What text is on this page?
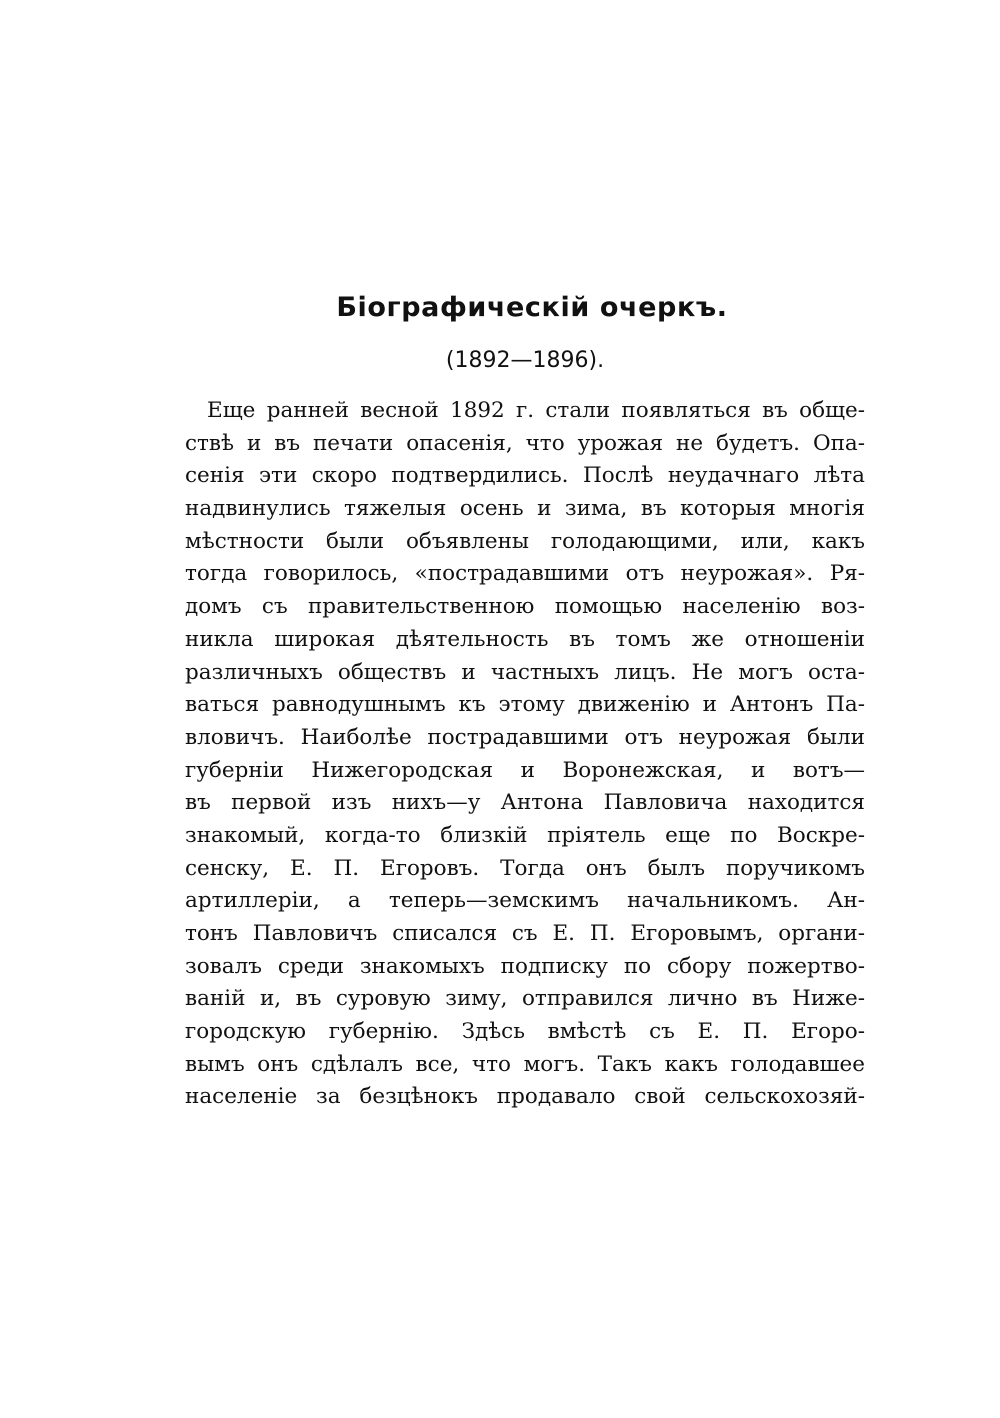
Біографическій очеркъ.
(1892—1896).
Еще ранней весной 1892 г. стали появляться въ обще-
ствѣ и въ печати опасенія, что урожая не будетъ. Опа-
сенія эти скоро подтвердились. Послѣ неудачнаго лѣта
надвинулись тяжелыя осень и зима, въ которыя многія
мѣстности были объявлены голодающими, или, какъ
тогда говорилось, «пострадавшими отъ неурожая». Ря-
домъ съ правительственною помощью населенію воз-
никла широкая дѣятельность въ томъ же отношеніи
различныхъ обществъ и частныхъ лицъ. Не могъ оста-
ваться равнодушнымъ къ этому движенію и Антонъ Па-
вловичъ. Наиболѣе пострадавшими отъ неурожая были
губерніи Нижегородская и Воронежская, и вотъ—
въ первой изъ нихъ—у Антона Павловича находится
знакомый, когда-то близкій пріятель еще по Воскре-
сенску, Е. П. Егоровъ. Тогда онъ былъ поручикомъ
артиллеріи, а теперь—земскимъ начальникомъ. Ан-
тонъ Павловичъ списался съ Е. П. Егоровымъ, органи-
зовалъ среди знакомыхъ подписку по сбору пожертво-
ваній и, въ суровую зиму, отправился лично въ Ниже-
городскую губернію. Здѣсь вмѣстѣ съ Е. П. Егоро-
вымъ онъ сдѣлалъ все, что могъ. Такъ какъ голодавшее
населеніе за безцѣнокъ продавало свой сельскохозяй-
